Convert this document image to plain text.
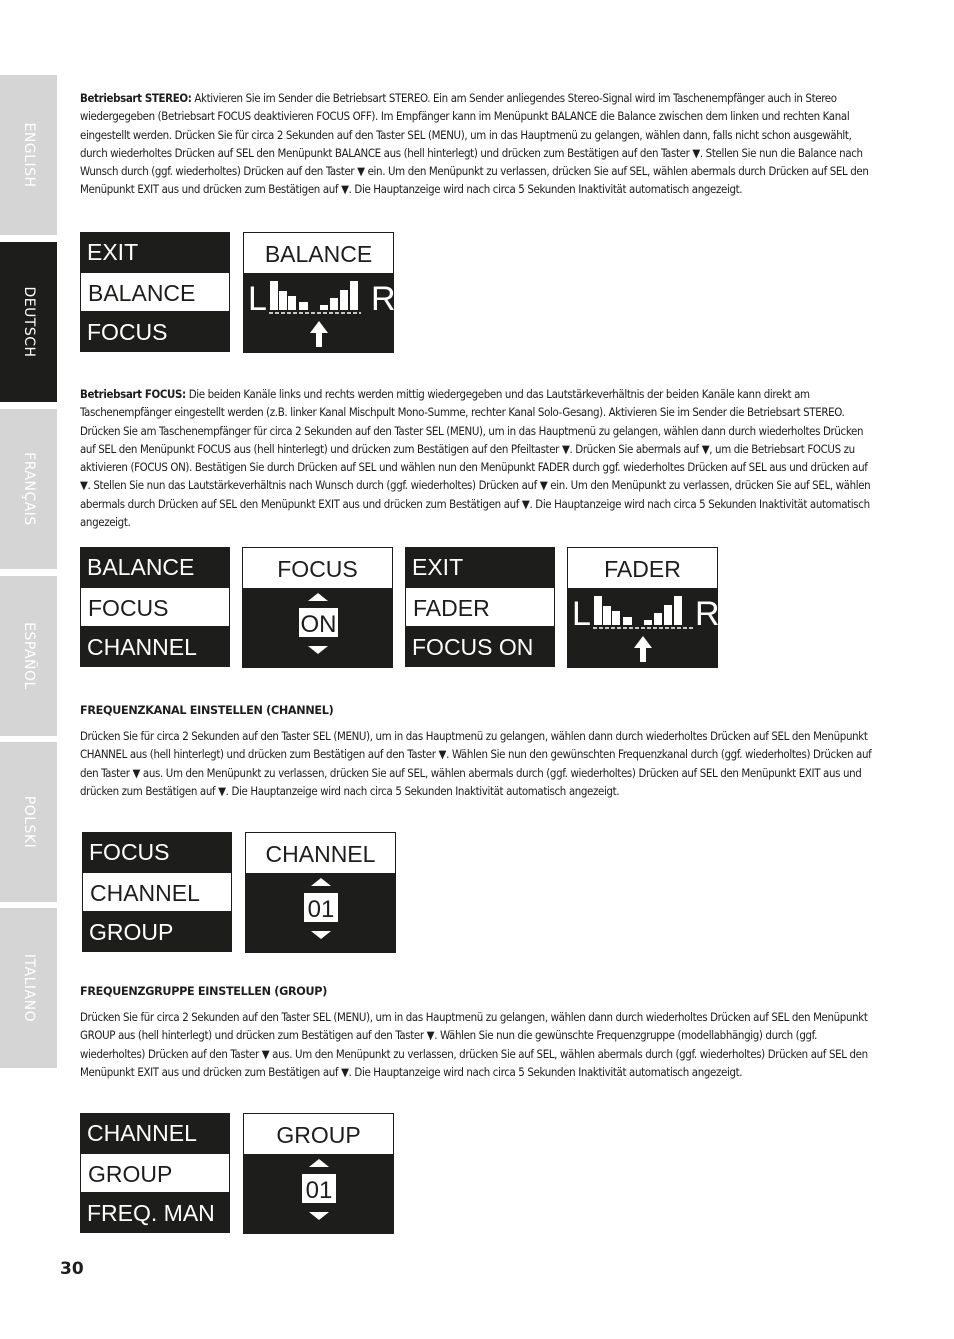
ENGLISH
DEUTSCH
FRANÇAIS
ESPAÑOL
POLSKI
ITALIANO

Betriebsart STEREO: Aktivieren Sie im Sender die Betriebsart STEREO. Ein am Sender anliegendes Stereo-Signal wird im Taschenempfänger auch in Stereo wiedergegeben (Betriebsart FOCUS deaktivieren FOCUS OFF). Im Empfänger kann im Menüpunkt BALANCE die Balance zwischen dem linken und rechten Kanal eingestellt werden. Drücken Sie für circa 2 Sekunden auf den Taster SEL (MENU), um in das Hauptmenü zu gelangen, wählen dann, falls nicht schon ausgewählt, durch wiederholtes Drücken auf SEL den Menüpunkt BALANCE aus (hell hinterlegt) und drücken zum Bestätigen auf den Taster ▼. Stellen Sie nun die Balance nach Wunsch durch (ggf. wiederholtes) Drücken auf den Taster ▼ ein. Um den Menüpunkt zu verlassen, drücken Sie auf SEL, wählen abermals durch Drücken auf SEL den Menüpunkt EXIT aus und drücken zum Bestätigen auf ▼. Die Hauptanzeige wird nach circa 5 Sekunden Inaktivität automatisch angezeigt.

EXIT
BALANCE
FOCUS
BALANCE
L	R

Betriebsart FOCUS: Die beiden Kanäle links und rechts werden mittig wiedergegeben und das Lautstärkeverhältnis der beiden Kanäle kann direkt am Taschenempfänger eingestellt werden (z.B. linker Kanal Mischpult Mono-Summe, rechter Kanal Solo-Gesang). Aktivieren Sie im Sender die Betriebsart STEREO. Drücken Sie am Taschenempfänger für circa 2 Sekunden auf den Taster SEL (MENU), um in das Hauptmenü zu gelangen, wählen dann durch wiederholtes Drücken auf SEL den Menüpunkt FOCUS aus (hell hinterlegt) und drücken zum Bestätigen auf den Pfeiltaster ▼. Drücken Sie abermals auf ▼, um die Betriebsart FOCUS zu aktivieren (FOCUS ON). Bestätigen Sie durch Drücken auf SEL und wählen nun den Menüpunkt FADER durch ggf. wiederholtes Drücken auf SEL aus und drücken auf ▼. Stellen Sie nun das Lautstärkeverhältnis nach Wunsch durch (ggf. wiederholtes) Drücken auf ▼ ein. Um den Menüpunkt zu verlassen, drücken Sie auf SEL, wählen abermals durch Drücken auf SEL den Menüpunkt EXIT aus und drücken zum Bestätigen auf ▼. Die Hauptanzeige wird nach circa 5 Sekunden Inaktivität automatisch angezeigt.

BALANCE
FOCUS
CHANNEL
FOCUS
ON
EXIT
FADER
FOCUS ON
FADER
L	R

FREQUENZKANAL EINSTELLEN (CHANNEL)

Drücken Sie für circa 2 Sekunden auf den Taster SEL (MENU), um in das Hauptmenü zu gelangen, wählen dann durch wiederholtes Drücken auf SEL den Menüpunkt CHANNEL aus (hell hinterlegt) und drücken zum Bestätigen auf den Taster ▼. Wählen Sie nun den gewünschten Frequenzkanal durch (ggf. wiederholtes) Drücken auf den Taster ▼ aus. Um den Menüpunkt zu verlassen, drücken Sie auf SEL, wählen abermals durch (ggf. wiederholtes) Drücken auf SEL den Menüpunkt EXIT aus und drücken zum Bestätigen auf ▼. Die Hauptanzeige wird nach circa 5 Sekunden Inaktivität automatisch angezeigt.

FOCUS
CHANNEL
GROUP
CHANNEL
01

FREQUENZGRUPPE EINSTELLEN (GROUP)

Drücken Sie für circa 2 Sekunden auf den Taster SEL (MENU), um in das Hauptmenü zu gelangen, wählen dann durch wiederholtes Drücken auf SEL den Menüpunkt GROUP aus (hell hinterlegt) und drücken zum Bestätigen auf den Taster ▼. Wählen Sie nun die gewünschte Frequenzgruppe (modellabhängig) durch (ggf. wiederholtes) Drücken auf den Taster ▼ aus. Um den Menüpunkt zu verlassen, drücken Sie auf SEL, wählen abermals durch (ggf. wiederholtes) Drücken auf SEL den Menüpunkt EXIT aus und drücken zum Bestätigen auf ▼. Die Hauptanzeige wird nach circa 5 Sekunden Inaktivität automatisch angezeigt.

CHANNEL
GROUP
FREQ. MAN
GROUP
01
30
